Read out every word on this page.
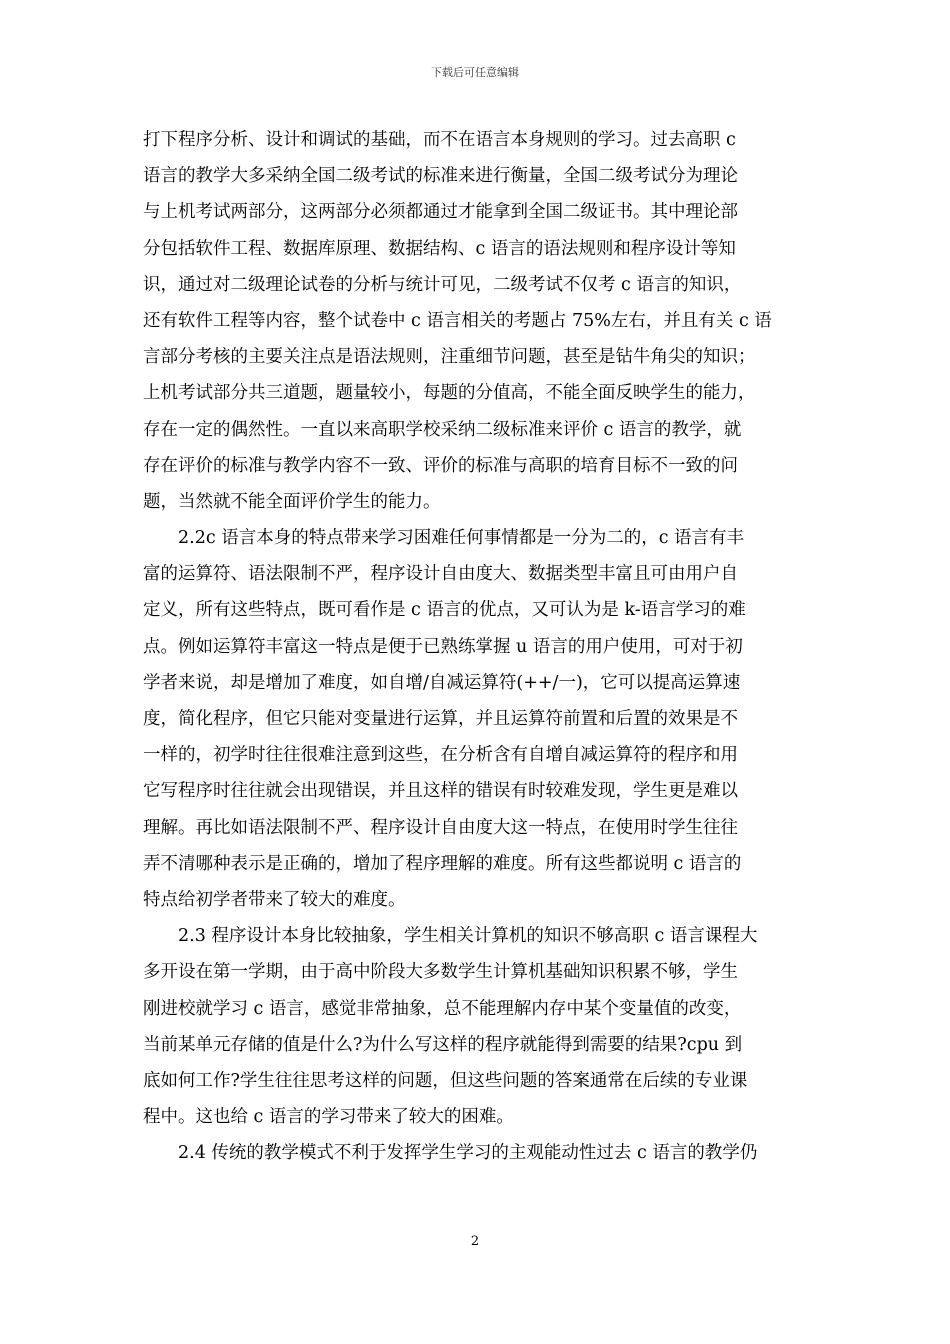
下载后可任意编辑
打下程序分析、设计和调试的基础，而不在语言本身规则的学习。过去高职 c
语言的教学大多采纳全国二级考试的标准来进行衡量，全国二级考试分为理论
与上机考试两部分，这两部分必须都通过才能拿到全国二级证书。其中理论部
分包括软件工程、数据库原理、数据结构、c 语言的语法规则和程序设计等知
识，通过对二级理论试卷的分析与统计可见，二级考试不仅考 c 语言的知识，
还有软件工程等内容，整个试卷中 c 语言相关的考题占 75%左右，并且有关 c 语
言部分考核的主要关注点是语法规则，注重细节问题，甚至是钻牛角尖的知识；
上机考试部分共三道题，题量较小，每题的分值高，不能全面反映学生的能力，
存在一定的偶然性。一直以来高职学校采纳二级标准来评价 c 语言的教学，就
存在评价的标准与教学内容不一致、评价的标准与高职的培育目标不一致的问
题，当然就不能全面评价学生的能力。
　　2.2c 语言本身的特点带来学习困难任何事情都是一分为二的，c 语言有丰
富的运算符、语法限制不严，程序设计自由度大、数据类型丰富且可由用户自
定义，所有这些特点，既可看作是 c 语言的优点，又可认为是 k-语言学习的难
点。例如运算符丰富这一特点是便于已熟练掌握 u 语言的用户使用，可对于初
学者来说，却是增加了难度，如自增/自减运算符(++/一)，它可以提高运算速
度，简化程序，但它只能对变量进行运算，并且运算符前置和后置的效果是不
一样的，初学时往往很难注意到这些，在分析含有自增自减运算符的程序和用
它写程序时往往就会出现错误，并且这样的错误有时较难发现，学生更是难以
理解。再比如语法限制不严、程序设计自由度大这一特点，在使用时学生往往
弄不清哪种表示是正确的，增加了程序理解的难度。所有这些都说明 c 语言的
特点给初学者带来了较大的难度。
　　2.3 程序设计本身比较抽象，学生相关计算机的知识不够高职 c 语言课程大
多开设在第一学期，由于高中阶段大多数学生计算机基础知识积累不够，学生
刚进校就学习 c 语言，感觉非常抽象，总不能理解内存中某个变量值的改变，
当前某单元存储的值是什么?为什么写这样的程序就能得到需要的结果?cpu 到
底如何工作?学生往往思考这样的问题，但这些问题的答案通常在后续的专业课
程中。这也给 c 语言的学习带来了较大的困难。
　　2.4 传统的教学模式不利于发挥学生学习的主观能动性过去 c 语言的教学仍
2
